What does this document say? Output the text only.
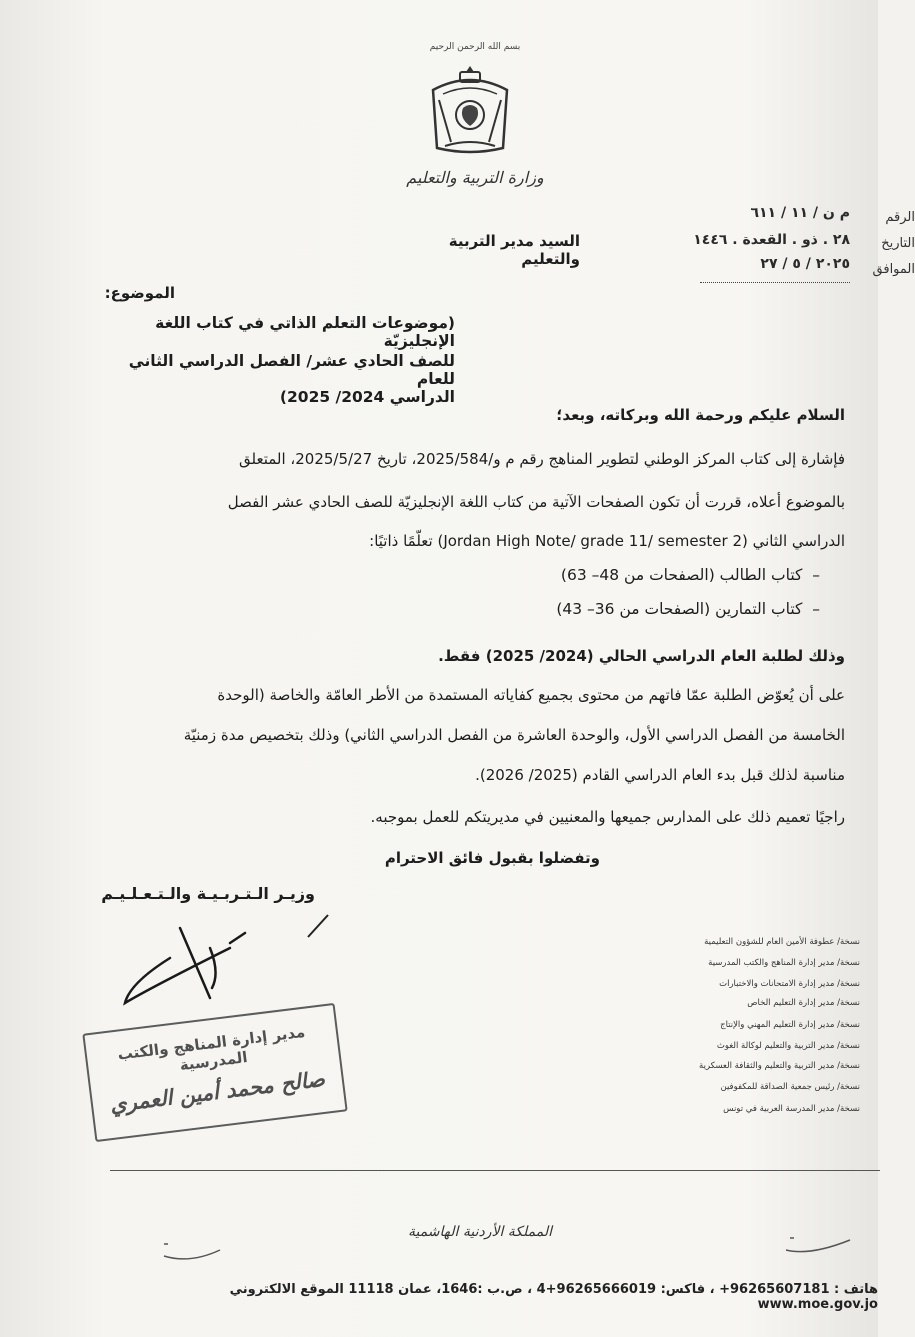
بسم الله الرحمن الرحيم
وزارة التربية والتعليم
م ن / ١١ / ٦١١
٢٨ . ذو . القعدة . ١٤٤٦
٢٠٢٥ / ٥ / ٢٧
الرقم
التاريخ
الموافق
السيد مدير التربية والتعليم
الموضوع:
(موضوعات التعلم الذاتي في كتاب اللغة الإنجليزيّة
للصف الحادي عشر/ الفصل الدراسي الثاني للعام
الدراسي 2024/ 2025)
السلام عليكم ورحمة الله وبركاته، وبعد؛
فإشارة إلى كتاب المركز الوطني لتطوير المناهج رقم م و/2025/584، تاريخ 2025/5/27، المتعلق
بالموضوع أعلاه، قررت أن تكون الصفحات الآتية من كتاب اللغة الإنجليزيّة للصف الحادي عشر الفصل
الدراسي الثاني (Jordan High Note/ grade 11/ semester 2) تعلّمًا ذاتيًا:
–  كتاب الطالب (الصفحات من 48– 63)
–  كتاب التمارين (الصفحات من 36– 43)
وذلك لطلبة العام الدراسي الحالي (2024/ 2025) فقط.
على أن يُعوّض الطلبة عمّا فاتهم من محتوى بجميع كفاياته المستمدة من الأطر العامّة والخاصة (الوحدة
الخامسة من الفصل الدراسي الأول، والوحدة العاشرة من الفصل الدراسي الثاني) وذلك بتخصيص مدة زمنيّة
مناسبة لذلك قبل بدء العام الدراسي القادم (2025/ 2026).
راجيًا تعميم ذلك على المدارس جميعها والمعنيين في مديريتكم للعمل بموجبه.
وتفضلوا بقبول فائق الاحترام
وزيـر الـتـربـيـة والـتـعـلـيـم
مدير إدارة المناهج والكتب المدرسية
صالح محمد أمين العمري
نسخة/ عطوفة الأمين العام للشؤون التعليمية
نسخة/ مدير إدارة المناهج والكتب المدرسية
نسخة/ مدير إدارة الامتحانات والاختبارات
نسخة/ مدير إدارة التعليم الخاص
نسخة/ مدير إدارة التعليم المهني والإنتاج
نسخة/ مدير التربية والتعليم لوكالة الغوث
نسخة/ مدير التربية والتعليم والثقافة العسكرية
نسخة/ رئيس جمعية الصداقة للمكفوفين
نسخة/ مدير المدرسة العربية في تونس
المملكة الأردنية الهاشمية
هاتف : 96265607181+ ، فاكس: 96265666019+4 ، ص.ب :1646، عمان 11118 الموقع الالكتروني www.moe.gov.jo
